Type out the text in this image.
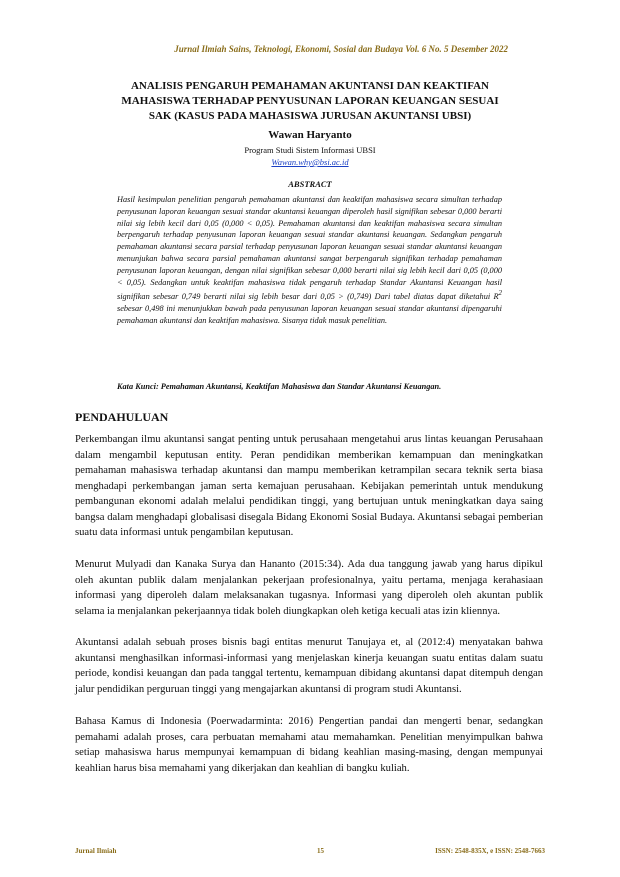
Jurnal Ilmiah Sains, Teknologi, Ekonomi, Sosial dan Budaya Vol. 6 No. 5 Desember 2022
ANALISIS PENGARUH PEMAHAMAN AKUNTANSI DAN KEAKTIFAN
MAHASISWA TERHADAP PENYUSUNAN LAPORAN KEUANGAN SESUAI
SAK (KASUS PADA MAHASISWA JURUSAN AKUNTANSI UBSI)
Wawan Haryanto
Program Studi Sistem Informasi UBSI
Wawan.why@bsi.ac.id
ABSTRACT

Hasil kesimpulan penelitian pengaruh pemahaman akuntansi dan keaktifan mahasiswa secara simultan terhadap penyusunan laporan keuangan sesuai standar akuntansi keuangan diperoleh hasil signifikan sebesar 0,000 berarti nilai sig lebih kecil dari 0,05 (0,000 < 0,05). Pemahaman akuntansi dan keaktifan mahasiswa secara simultan berpengaruh terhadap penyusunan laporan keuangan sesuai standar akuntansi keuangan. Sedangkan pengaruh pemahaman akuntansi secara parsial terhadap penyusunan laporan keuangan sesuai standar akuntansi keuangan menunjukan bahwa secara parsial pemahaman akuntansi sangat berpengaruh signifikan terhadap pemahaman penyusunan laporan keuangan, dengan nilai signifikan sebesar 0,000 berarti nilai sig lebih kecil dari 0,05 (0,000 < 0,05). Sedangkan untuk keaktifan mahasiswa tidak pengaruh terhadap Standar Akuntansi Keuangan hasil signifikan sebesar 0,749 berarti nilai sig lebih besar dari 0,05 > (0,749) Dari tabel diatas dapat diketahui $R^2$ sebesar 0,498 ini menunjukkan bawah pada penyusunan laporan keuangan sesuai standar akuntansi dipengaruhi pemahaman akuntansi dan keaktifan mahasiswa. Sisanya tidak masuk penelitian.

Kata Kunci: Pemahaman Akuntansi, Keaktifan Mahasiswa dan Standar Akuntansi Keuangan.

PENDAHULUAN

Perkembangan ilmu akuntansi sangat penting untuk perusahaan mengetahui arus lintas keuangan Perusahaan dalam mengambil keputusan entity. Peran pendidikan memberikan kemampuan dan meningkatkan pemahaman mahasiswa terhadap akuntansi dan mampu memberikan ketrampilan secara teknik serta biasa menghadapi perkembangan jaman serta kemajuan perusahaan. Kebijakan pemerintah untuk mendukung pembangunan ekonomi adalah melalui pendidikan tinggi, yang bertujuan untuk meningkatkan daya saing bangsa dalam menghadapi globalisasi disegala Bidang Ekonomi Sosial Budaya. Akuntansi sebagai pemberian suatu data informasi untuk pengambilan keputusan.

Menurut Mulyadi dan Kanaka Surya dan Hananto (2015:34). Ada dua tanggung jawab yang harus dipikul oleh akuntan publik dalam menjalankan pekerjaan profesionalnya, yaitu pertama, menjaga kerahasiaan informasi yang diperoleh dalam melaksanakan tugasnya. Informasi yang diperoleh oleh akuntan publik selama ia menjalankan pekerjaannya tidak boleh diungkapkan oleh ketiga kecuali atas izin kliennya.

Akuntansi adalah sebuah proses bisnis bagi entitas menurut Tanujaya et, al (2012:4) menyatakan bahwa akuntansi menghasilkan informasi-informasi yang menjelaskan kinerja keuangan suatu entitas dalam suatu periode, kondisi keuangan dan pada tanggal tertentu, kemampuan dibidang akuntansi dapat ditempuh dengan jalur pendidikan perguruan tinggi yang mengajarkan akuntansi di program studi Akuntansi.

Bahasa Kamus di Indonesia (Poerwadarminta: 2016) Pengertian pandai dan mengerti benar, sedangkan pemahami adalah proses, cara perbuatan memahami atau memahamkan. Penelitian menyimpulkan bahwa setiap mahasiswa harus mempunyai kemampuan di bidang keahlian masing-masing, dengan mempunyai keahlian harus bisa memahami yang dikerjakan dan keahlian di bangku kuliah.

Jurnal Ilmiah	15	ISSN: 2548-835X, e ISSN: 2548-7663
